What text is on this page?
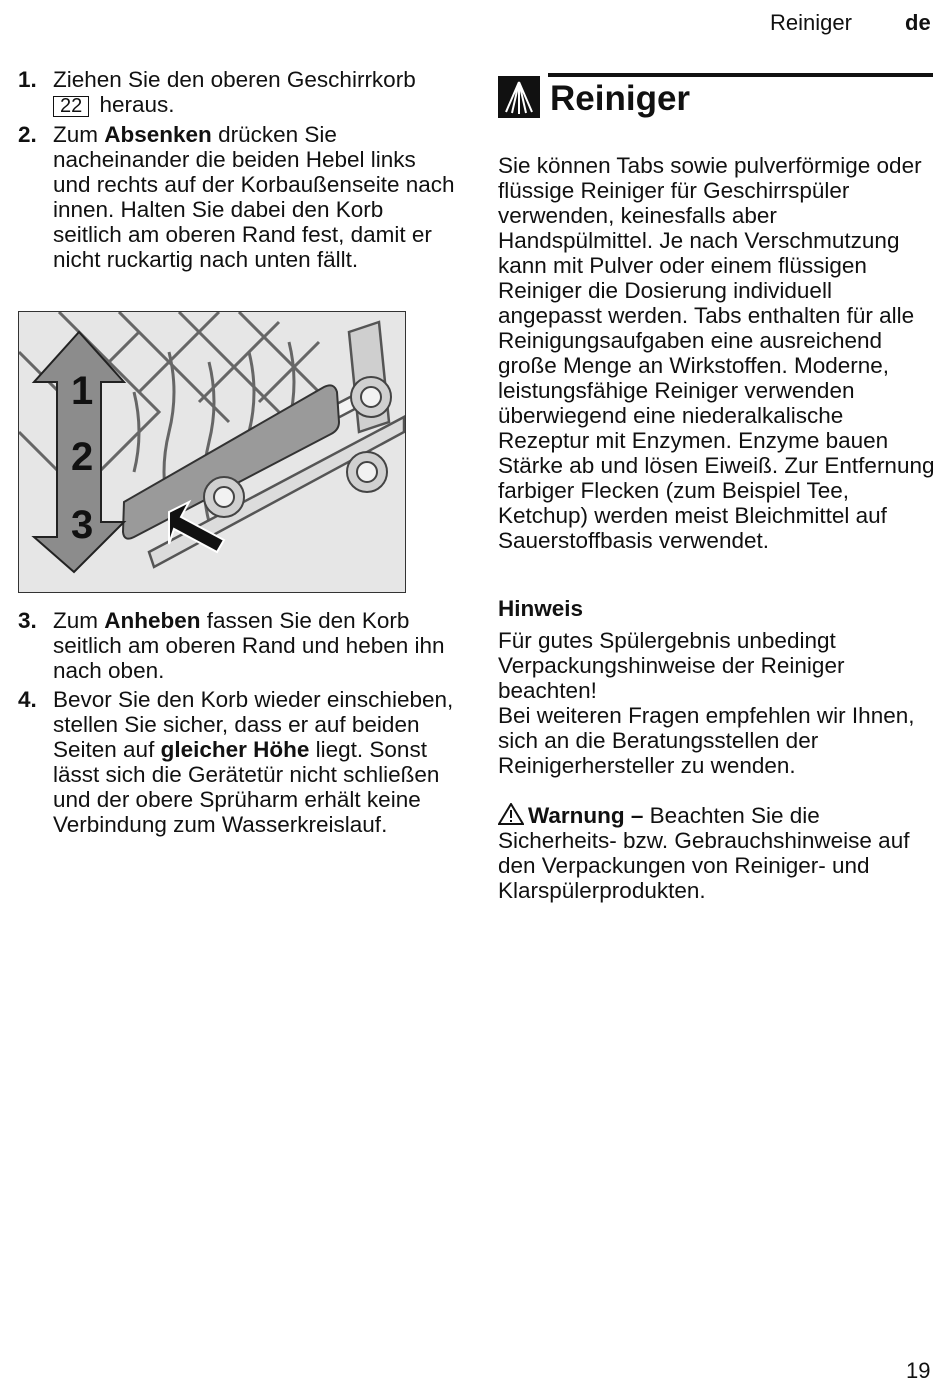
Reiniger de
1. Ziehen Sie den oberen Geschirrkorb 22 heraus.
2. Zum Absenken drücken Sie nacheinander die beiden Hebel links und rechts auf der Korbaußenseite nach innen. Halten Sie dabei den Korb seitlich am oberen Rand fest, damit er nicht ruckartig nach unten fällt.
1
2
3
3. Zum Anheben fassen Sie den Korb seitlich am oberen Rand und heben ihn nach oben.
4. Bevor Sie den Korb wieder einschieben, stellen Sie sicher, dass er auf beiden Seiten auf gleicher Höhe liegt. Sonst lässt sich die Gerätetür nicht schließen und der obere Sprüharm erhält keine Verbindung zum Wasserkreislauf.
Reiniger
Sie können Tabs sowie pulverförmige oder flüssige Reiniger für Geschirrspüler verwenden, keinesfalls aber Handspülmittel. Je nach Verschmutzung kann mit Pulver oder einem flüssigen Reiniger die Dosierung individuell angepasst werden. Tabs enthalten für alle Reinigungsaufgaben eine ausreichend große Menge an Wirkstoffen. Moderne, leistungsfähige Reiniger verwenden überwiegend eine niederalkalische Rezeptur mit Enzymen. Enzyme bauen Stärke ab und lösen Eiweiß. Zur Entfernung farbiger Flecken (zum Beispiel Tee, Ketchup) werden meist Bleichmittel auf Sauerstoffbasis verwendet.
Hinweis

Für gutes Spülergebnis unbedingt Verpackungshinweise der Reiniger beachten!

Bei weiteren Fragen empfehlen wir Ihnen, sich an die Beratungsstellen der Reinigerhersteller zu wenden.

Warnung – Beachten Sie die Sicherheits- bzw. Gebrauchshinweise auf den Verpackungen von Reiniger- und Klarspülerprodukten.
19
